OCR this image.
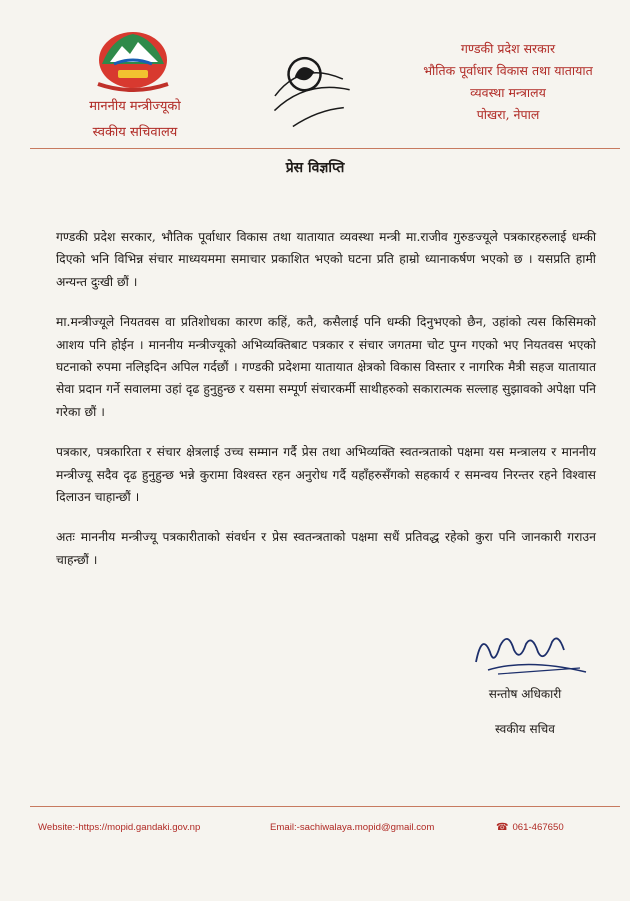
माननीय मन्त्रीज्यूको
स्वकीय सचिवालय
गण्डकी प्रदेश सरकार
भौतिक पूर्वाधार विकास तथा यातायात
व्यवस्था मन्त्रालय
पोखरा, नेपाल
प्रेस विज्ञप्ति

गण्डकी प्रदेश सरकार, भौतिक पूर्वाधार विकास तथा यातायात व्यवस्था मन्त्री मा.राजीव गुरुङज्यूले पत्रकारहरुलाई धम्की दिएको भनि विभिन्न संचार माध्ययममा समाचार प्रकाशित भएको घटना प्रति हाम्रो ध्यानाकर्षण भएको छ । यसप्रति हामी अन्यन्त दुःखी छौं ।

मा.मन्त्रीज्यूले नियतवस वा प्रतिशोधका कारण कहिं, कतै, कसैलाई पनि धम्की दिनुभएको छैन, उहांको त्यस किसिमको आशय पनि होईन । माननीय मन्त्रीज्यूको अभिव्यक्तिबाट पत्रकार र संचार जगतमा चोट पुग्न गएको भए नियतवस भएको घटनाको रुपमा नलिइदिन अपिल गर्दछौं । गण्डकी प्रदेशमा यातायात क्षेत्रको विकास विस्तार र नागरिक मैत्री सहज यातायात सेवा प्रदान गर्ने सवालमा उहां दृढ हुनुहुन्छ र यसमा सम्पूर्ण संचारकर्मी साथीहरुको सकारात्मक सल्लाह सुझावको अपेक्षा पनि गरेका छौं ।

पत्रकार, पत्रकारिता र संचार क्षेत्रलाई उच्च सम्मान गर्दै प्रेस तथा अभिव्यक्ति स्वतन्त्रताको पक्षमा यस मन्त्रालय र माननीय मन्त्रीज्यू सदैव दृढ हुनुहुन्छ भन्ने कुरामा विश्वस्त रहन अनुरोध गर्दै यहाँहरुसँगको सहकार्य र समन्वय निरन्तर रहने विश्वास दिलाउन चाहान्छौं ।

अतः माननीय मन्त्रीज्यू पत्रकारीताको संवर्धन र प्रेस स्वतन्त्रताको पक्षमा सधैं प्रतिवद्ध रहेको कुरा पनि जानकारी गराउन चाहन्छौं ।

सन्तोष अधिकारी
स्वकीय सचिव
Website:-https://mopid.gandaki.gov.np	Email:-sachiwalaya.mopid@gmail.com	☎ 061-467650
